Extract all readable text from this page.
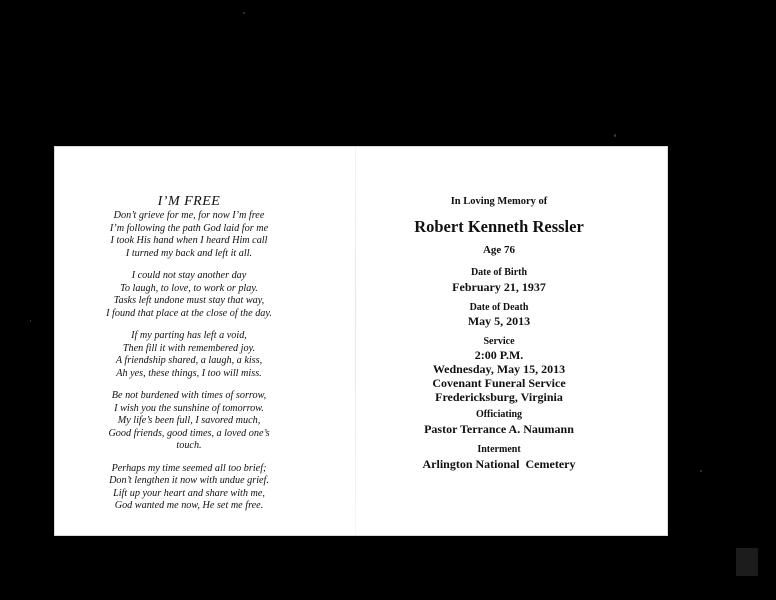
I’M FREE
Don’t grieve for me, for now I’m free
I’m following the path God laid for me
I took His hand when I heard Him call
I turned my back and left it all.
I could not stay another day
To laugh, to love, to work or play.
Tasks left undone must stay that way,
I found that place at the close of the day.
If my parting has left a void,
Then fill it with remembered joy.
A friendship shared, a laugh, a kiss,
Ah yes, these things, I too will miss.
Be not burdened with times of sorrow,
I wish you the sunshine of tomorrow.
My life’s been full, I savored much,
Good friends, good times, a loved one’s
touch.
Perhaps my time seemed all too brief;
Don’t lengthen it now with undue grief.
Lift up your heart and share with me,
God wanted me now, He set me free.
In Loving Memory of
Robert Kenneth Ressler
Age 76
Date of Birth
February 21, 1937
Date of Death
May 5, 2013
Service
2:00 P.M.
Wednesday, May 15, 2013
Covenant Funeral Service
Fredericksburg, Virginia
Officiating
Pastor Terrance A. Naumann
Interment
Arlington National  Cemetery
